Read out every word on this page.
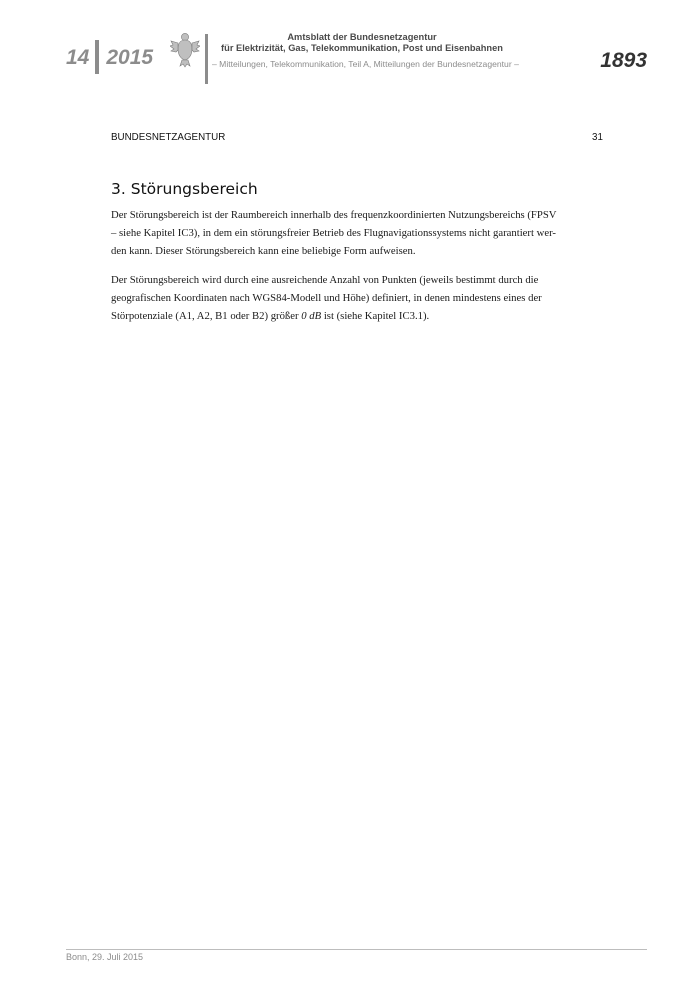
14 2015
Amtsblatt der Bundesnetzagentur
für Elektrizität, Gas, Telekommunikation, Post und Eisenbahnen
– Mitteilungen, Telekommunikation, Teil A, Mitteilungen der Bundesnetzagentur –	1893
BUNDESNETZAGENTUR	31
3. Störungsbereich

Der Störungsbereich ist der Raumbereich innerhalb des frequenzkoordinierten Nutzungsbereichs (FPSV
– siehe Kapitel IC3), in dem ein störungsfreier Betrieb des Flugnavigationssystems nicht garantiert wer-
den kann. Dieser Störungsbereich kann eine beliebige Form aufweisen.

Der Störungsbereich wird durch eine ausreichende Anzahl von Punkten (jeweils bestimmt durch die
geografischen Koordinaten nach WGS84-Modell und Höhe) definiert, in denen mindestens eines der
Störpotenziale (A1, A2, B1 oder B2) größer 0 dB ist (siehe Kapitel IC3.1).

Bonn, 29. Juli 2015
